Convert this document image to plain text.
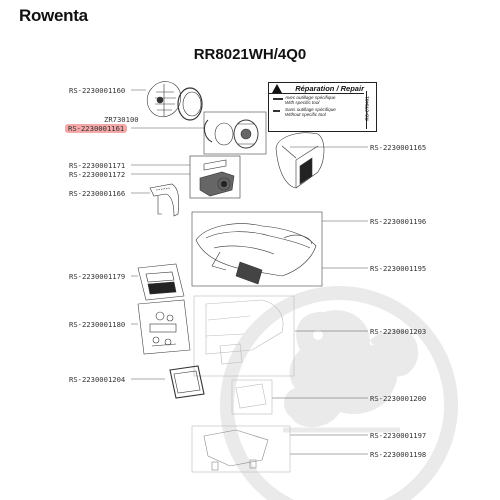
Rowenta
RR8021WH/4Q0
Réparation / Repair
Avec outillage spécifique
With specific tool
Sans outillage spécifique
Without specific tool	RO-CT8461
RS-2230001160
ZR730100
RS-2230001161
RS-2230001165
RS-2230001171
RS-2230001172
RS-2230001166
RS-2230001196
RS-2230001195
RS-2230001179
RS-2230001180
RS-2230001203
RS-2230001204
RS-2230001200
RS-2230001197
RS-2230001198
